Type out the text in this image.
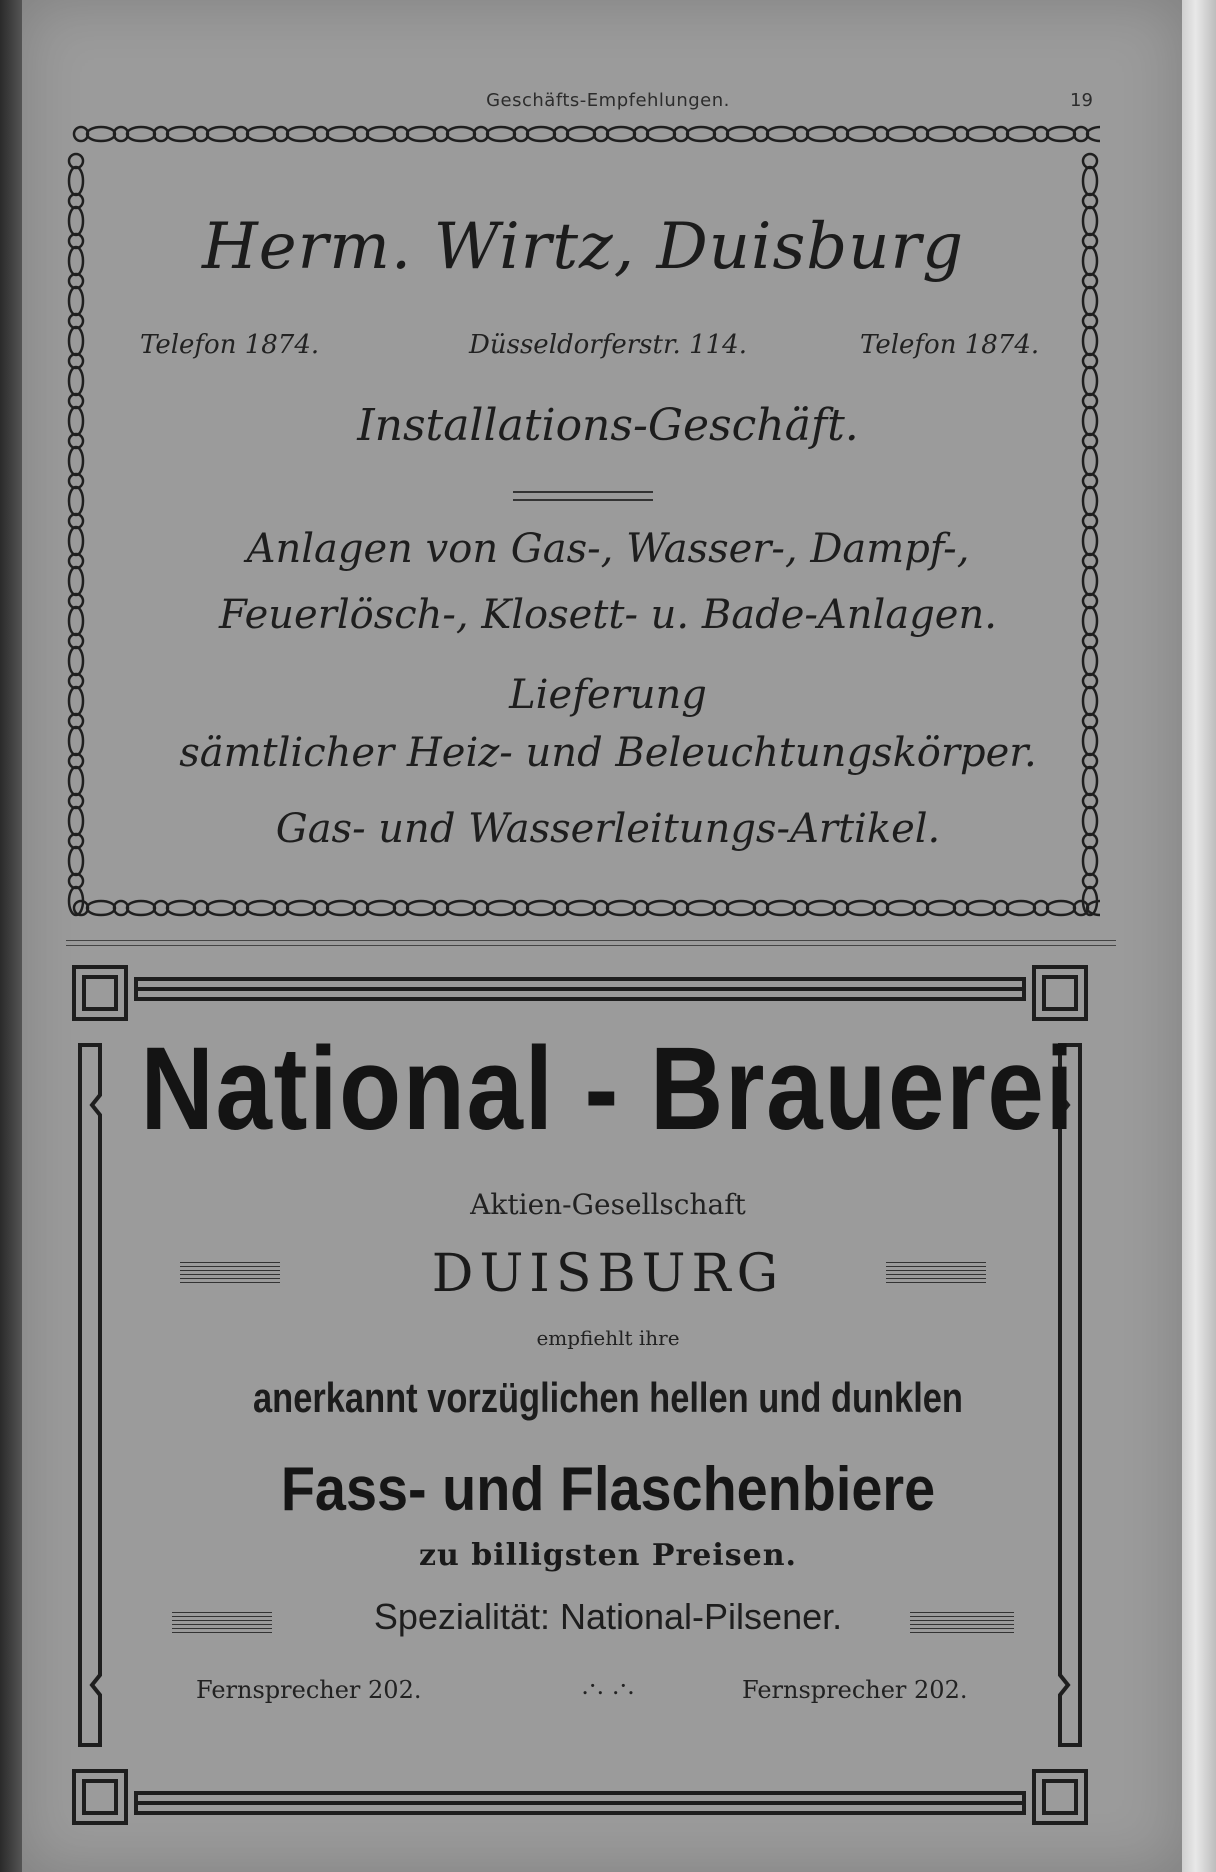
Geschäfts-Empfehlungen.	19
Herm. Wirtz, Duisburg
Telefon 1874.	Düsseldorferstr. 114.	Telefon 1874.
Installations-Geschäft.
Anlagen von Gas-, Wasser-, Dampf-,
Feuerlösch-, Klosett- u. Bade-Anlagen.
Lieferung
sämtlicher Heiz- und Beleuchtungskörper.
Gas- und Wasserleitungs-Artikel.
National - Brauerei
Aktien-Gesellschaft
DUISBURG
empfiehlt ihre
anerkannt vorzüglichen hellen und dunklen
Fass- und Flaschenbiere
zu billigsten Preisen.
Spezialität: National-Pilsener.
Fernsprecher 202.	.·. .·.	Fernsprecher 202.
